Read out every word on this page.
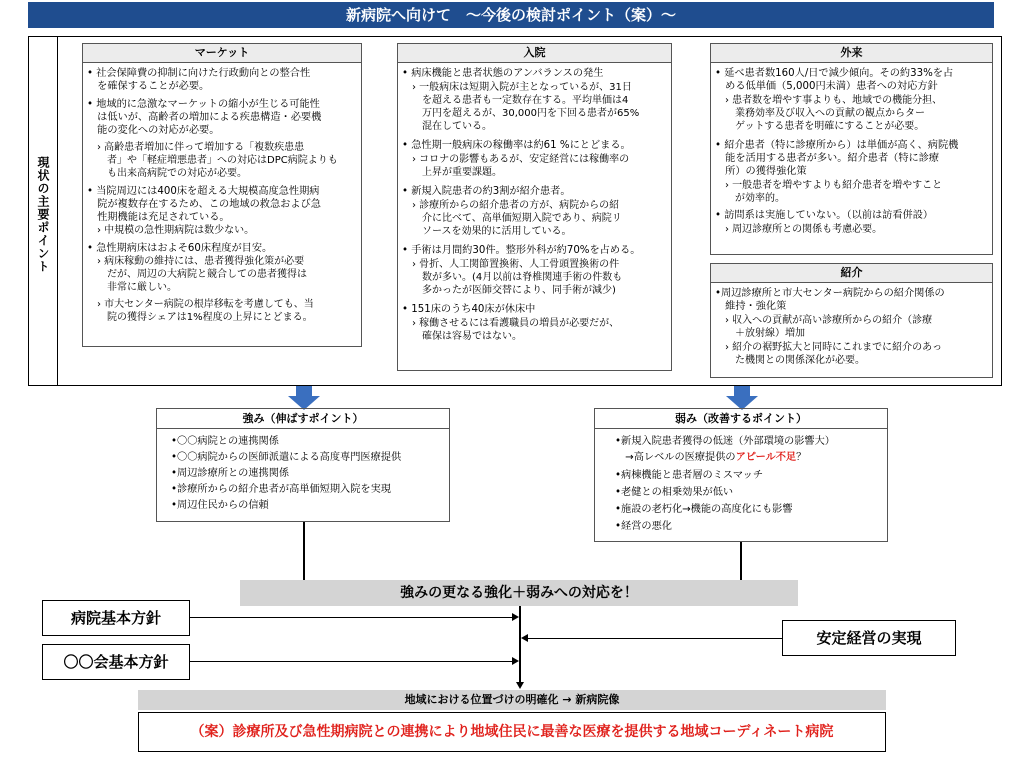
新病院へ向けて　～今後の検討ポイント（案）～
現状の主要ポイント
マーケット
• 社会保障費の抑制に向けた行政動向との整合性
　を確保することが必要。
• 地域的に急激なマーケットの縮小が生じる可能性
　は低いが、高齢者の増加による疾患構造・必要機
　能の変化への対応が必要。
　› 高齢患者増加に伴って増加する「複数疾患患
　　者」や「軽症増悪患者」への対応はDPC病院よりも
　　も出来高病院での対応が必要。
• 当院周辺には400床を超える大規模高度急性期病
　院が複数存在するため、この地域の救急および急
　性期機能は充足されている。
　› 中規模の急性期病院は数少ない。
• 急性期病床はおよそ60床程度が目安。
　› 病床稼動の維持には、患者獲得強化策が必要
　　だが、周辺の大病院と競合しての患者獲得は
　　非常に厳しい。
　› 市大センター病院の根岸移転を考慮しても、当
　　院の獲得シェアは1%程度の上昇にとどまる。
入院
• 病床機能と患者状態のアンバランスの発生
　› 一般病床は短期入院が主となっているが、31日
　　を超える患者も一定数存在する。平均単価は4
　　万円を超えるが、30,000円を下回る患者が65%
　　混在している。
• 急性期一般病床の稼働率は約61 %にとどまる。
　› コロナの影響もあるが、安定経営には稼働率の
　　上昇が重要課題。
• 新規入院患者の約3割が紹介患者。
　› 診療所からの紹介患者の方が、病院からの紹
　　介に比べて、高単価短期入院であり、病院リ
　　ソースを効果的に活用している。
• 手術は月間約30件。整形外科が約70%を占める。
　› 骨折、人工関節置換術、人工骨頭置換術の件
　　数が多い。(4月以前は脊椎関連手術の件数も
　　多かったが医師交替により、同手術が減少)
• 151床のうち40床が休床中
　› 稼働させるには看護職員の増員が必要だが、
　　確保は容易ではない。
外来
• 延べ患者数160人/日で減少傾向。その約33%を占
　める低単価（5,000円未満）患者への対応方針
　› 患者数を増やす事よりも、地域での機能分担、
　　業務効率及び収入への貢献の観点からター
　　ゲットする患者を明確にすることが必要。
• 紹介患者（特に診療所から）は単価が高く、病院機
　能を活用する患者が多い。紹介患者（特に診療
　所）の獲得強化策
　› 一般患者を増やすよりも紹介患者を増やすこと
　　が効率的。
• 訪問系は実施していない。（以前は訪看併設）
　› 周辺診療所との関係も考慮必要。
紹介
•周辺診療所と市大センター病院からの紹介関係の
　維持・強化策
　› 収入への貢献が高い診療所からの紹介（診療
　　＋放射線）増加
　› 紹介の裾野拡大と同時にこれまでに紹介のあっ
　　た機関との関係深化が必要。
強み（伸ばすポイント）
•〇〇病院との連携関係
•〇〇病院からの医師派遣による高度専門医療提供
•周辺診療所との連携関係
•診療所からの紹介患者が高単価短期入院を実現
•周辺住民からの信頼
弱み（改善するポイント）
•新規入院患者獲得の低迷（外部環境の影響大）
　→高レベルの医療提供のアピール不足？
•病棟機能と患者層のミスマッチ
•老健との相乗効果が低い
•施設の老朽化→機能の高度化にも影響
•経営の悪化
強みの更なる強化＋弱みへの対応を！
病院基本方針
〇〇会基本方針
安定経営の実現
地域における位置づけの明確化 → 新病院像
（案）診療所及び急性期病院との連携により地域住民に最善な医療を提供する地域コーディネート病院
